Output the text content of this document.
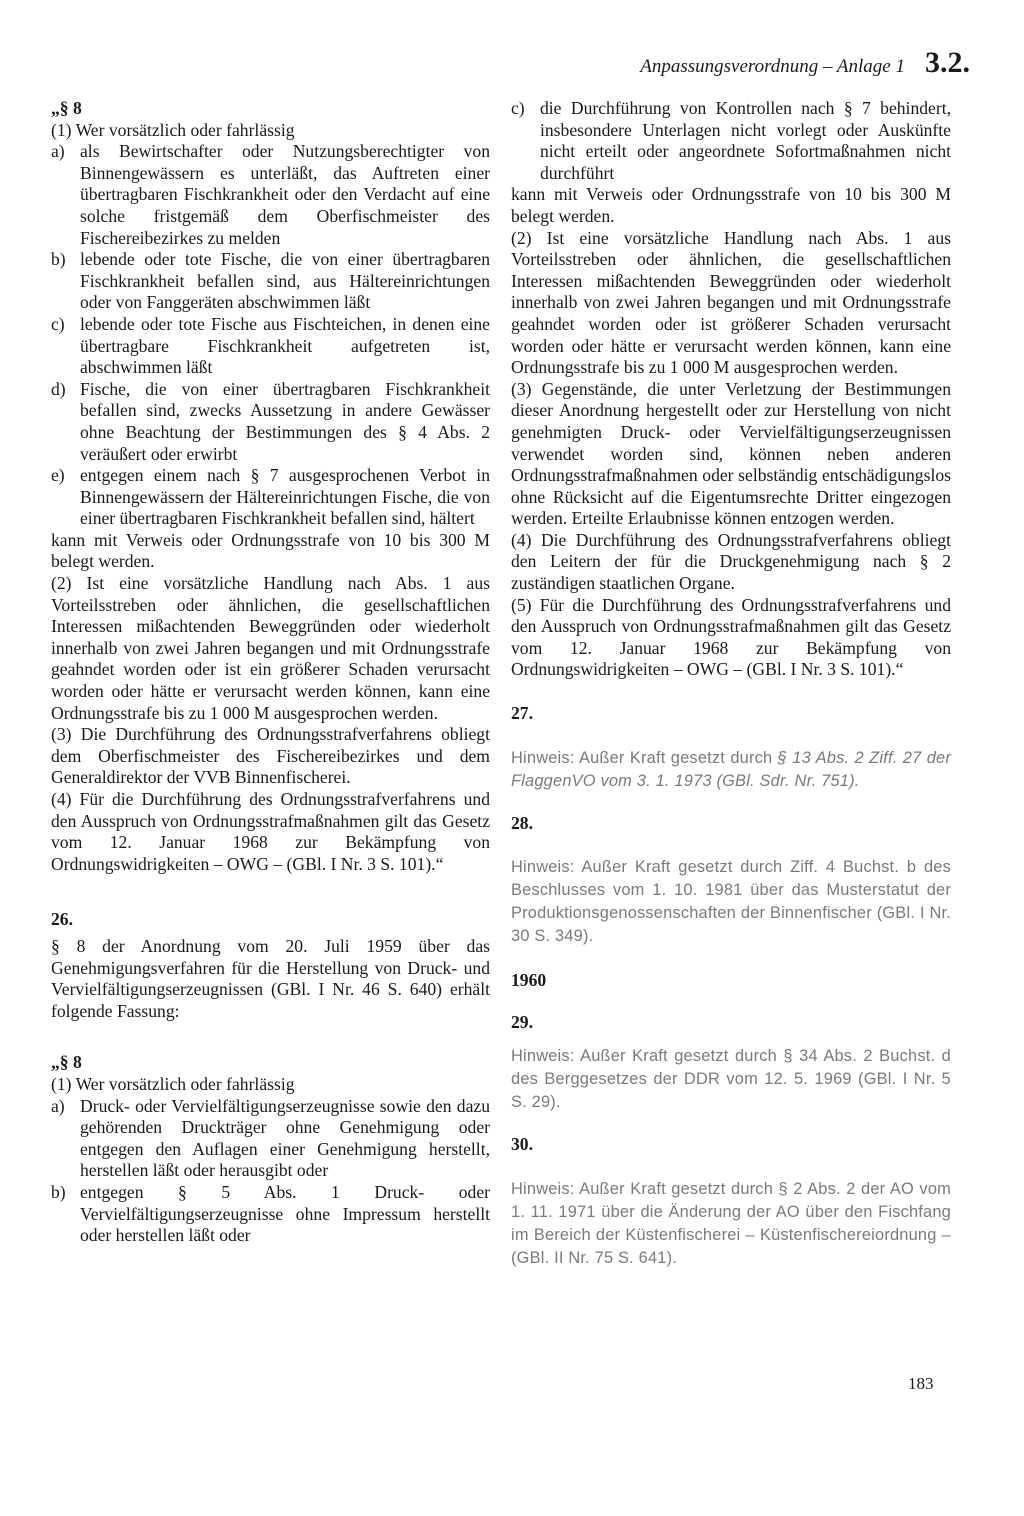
Anpassungsverordnung – Anlage 1 3.2.
„§ 8
(1) Wer vorsätzlich oder fahrlässig
a) als Bewirtschafter oder Nutzungsberechtigter von Binnengewässern es unterläßt, das Auftreten einer übertragbaren Fischkrankheit oder den Verdacht auf eine solche fristgemäß dem Oberfischmeister des Fischereibezirkes zu melden
b) lebende oder tote Fische, die von einer übertragbaren Fischkrankheit befallen sind, aus Hältereinrichtungen oder von Fanggeräten abschwimmen läßt
c) lebende oder tote Fische aus Fischteichen, in denen eine übertragbare Fischkrankheit aufgetreten ist, abschwimmen läßt
d) Fische, die von einer übertragbaren Fischkrankheit befallen sind, zwecks Aussetzung in andere Gewässer ohne Beachtung der Bestimmungen des § 4 Abs. 2 veräußert oder erwirbt
e) entgegen einem nach § 7 ausgesprochenen Verbot in Binnengewässern der Hältereinrichtungen Fische, die von einer übertragbaren Fischkrankheit befallen sind, hältert
kann mit Verweis oder Ordnungsstrafe von 10 bis 300 M belegt werden.
(2) Ist eine vorsätzliche Handlung nach Abs. 1 aus Vorteilsstreben oder ähnlichen, die gesellschaftlichen Interessen mißachtenden Beweggründen oder wiederholt innerhalb von zwei Jahren begangen und mit Ordnungsstrafe geahndet worden oder ist ein größerer Schaden verursacht worden oder hätte er verursacht werden können, kann eine Ordnungsstrafe bis zu 1 000 M ausgesprochen werden.
(3) Die Durchführung des Ordnungsstrafverfahrens obliegt dem Oberfischmeister des Fischereibezirkes und dem Generaldirektor der VVB Binnenfischerei.
(4) Für die Durchführung des Ordnungsstrafverfahrens und den Ausspruch von Ordnungsstrafmaßnahmen gilt das Gesetz vom 12. Januar 1968 zur Bekämpfung von Ordnungswidrigkeiten – OWG – (GBl. I Nr. 3 S. 101).“
26.
§ 8 der Anordnung vom 20. Juli 1959 über das Genehmigungsverfahren für die Herstellung von Druck- und Vervielfältigungserzeugnissen (GBl. I Nr. 46 S. 640) erhält folgende Fassung:
„§ 8
(1) Wer vorsätzlich oder fahrlässig
a) Druck- oder Vervielfältigungserzeugnisse sowie den dazu gehörenden Druckträger ohne Genehmigung oder entgegen den Auflagen einer Genehmigung herstellt, herstellen läßt oder herausgibt oder
b) entgegen § 5 Abs. 1 Druck- oder Vervielfältigungserzeugnisse ohne Impressum herstellt oder herstellen läßt oder
c) die Durchführung von Kontrollen nach § 7 behindert, insbesondere Unterlagen nicht vorlegt oder Auskünfte nicht erteilt oder angeordnete Sofortmaßnahmen nicht durchführt
kann mit Verweis oder Ordnungsstrafe von 10 bis 300 M belegt werden.
(2) Ist eine vorsätzliche Handlung nach Abs. 1 aus Vorteilsstreben oder ähnlichen, die gesellschaftlichen Interessen mißachtenden Beweggründen oder wiederholt innerhalb von zwei Jahren begangen und mit Ordnungsstrafe geahndet worden oder ist größerer Schaden verursacht worden oder hätte er verursacht werden können, kann eine Ordnungsstrafe bis zu 1 000 M ausgesprochen werden.
(3) Gegenstände, die unter Verletzung der Bestimmungen dieser Anordnung hergestellt oder zur Herstellung von nicht genehmigten Druck- oder Vervielfältigungserzeugnissen verwendet worden sind, können neben anderen Ordnungsstrafmaßnahmen oder selbständig entschädigungslos ohne Rücksicht auf die Eigentumsrechte Dritter eingezogen werden. Erteilte Erlaubnisse können entzogen werden.
(4) Die Durchführung des Ordnungsstrafverfahrens obliegt den Leitern der für die Druckgenehmigung nach § 2 zuständigen staatlichen Organe.
(5) Für die Durchführung des Ordnungsstrafverfahrens und den Ausspruch von Ordnungsstrafmaßnahmen gilt das Gesetz vom 12. Januar 1968 zur Bekämpfung von Ordnungswidrigkeiten – OWG – (GBl. I Nr. 3 S. 101).“
27.
Hinweis: Außer Kraft gesetzt durch § 13 Abs. 2 Ziff. 27 der FlaggenVO vom 3. 1. 1973 (GBl. Sdr. Nr. 751).
28.
Hinweis: Außer Kraft gesetzt durch Ziff. 4 Buchst. b des Beschlusses vom 1. 10. 1981 über das Musterstatut der Produktionsgenossenschaften der Binnenfischer (GBl. I Nr. 30 S. 349).
1960
29.
Hinweis: Außer Kraft gesetzt durch § 34 Abs. 2 Buchst. d des Berggesetzes der DDR vom 12. 5. 1969 (GBl. I Nr. 5 S. 29).
30.
Hinweis: Außer Kraft gesetzt durch § 2 Abs. 2 der AO vom 1. 11. 1971 über die Änderung der AO über den Fischfang im Bereich der Küstenfischerei – Küstenfischereiordnung – (GBl. II Nr. 75 S. 641).
183
